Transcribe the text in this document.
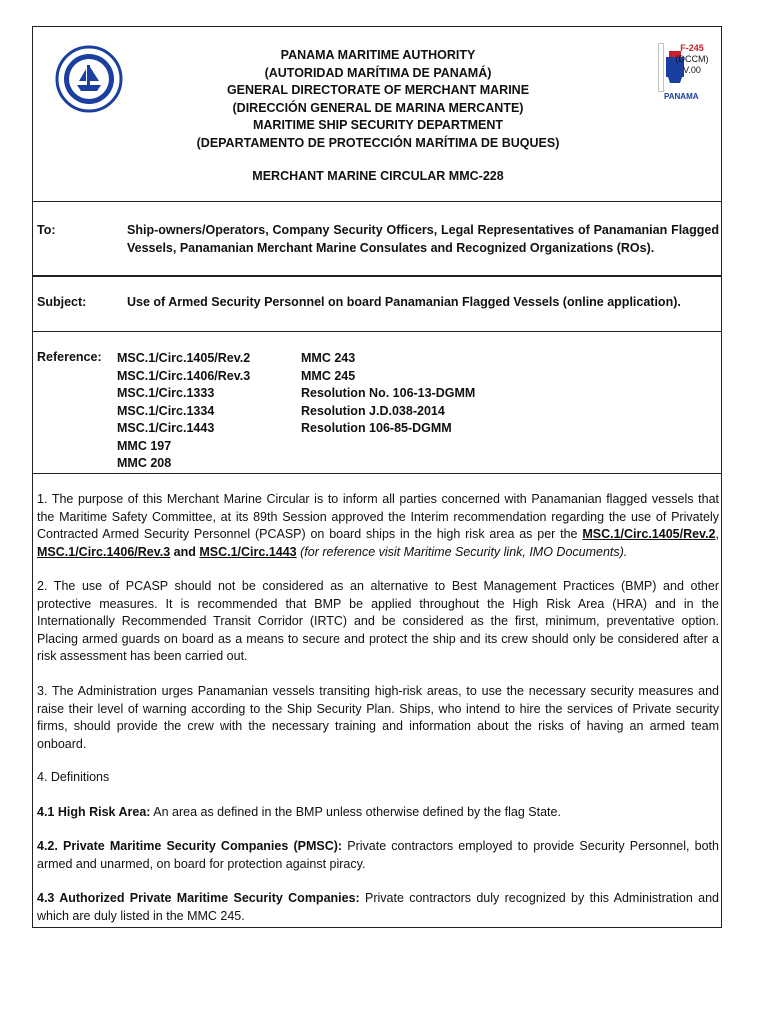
PANAMA MARITIME AUTHORITY
(AUTORIDAD MARÍTIMA DE PANAMÁ)
GENERAL DIRECTORATE OF MERCHANT MARINE
(DIRECCIÓN GENERAL DE MARINA MERCANTE)
MARITIME SHIP SECURITY DEPARTMENT
(DEPARTAMENTO DE PROTECCIÓN MARÍTIMA DE BUQUES)
F-245
(DCCM)
V.00
PANAMA
MERCHANT MARINE CIRCULAR MMC-228
To:	Ship-owners/Operators, Company Security Officers, Legal Representatives of Panamanian Flagged Vessels, Panamanian Merchant Marine Consulates and Recognized Organizations (ROs).
Subject:	Use of Armed Security Personnel on board Panamanian Flagged Vessels (online application).
Reference: MSC.1/Circ.1405/Rev.2
MSC.1/Circ.1406/Rev.3
MSC.1/Circ.1333
MSC.1/Circ.1334
MSC.1/Circ.1443
MMC 197
MMC 208
MMC 243
MMC 245
Resolution No. 106-13-DGMM
Resolution J.D.038-2014
Resolution 106-85-DGMM
1. The purpose of this Merchant Marine Circular is to inform all parties concerned with Panamanian flagged vessels that the Maritime Safety Committee, at its 89th Session approved the Interim recommendation regarding the use of Privately Contracted Armed Security Personnel (PCASP) on board ships in the high risk area as per the MSC.1/Circ.1405/Rev.2, MSC.1/Circ.1406/Rev.3 and MSC.1/Circ.1443 (for reference visit Maritime Security link, IMO Documents).
2. The use of PCASP should not be considered as an alternative to Best Management Practices (BMP) and other protective measures. It is recommended that BMP be applied throughout the High Risk Area (HRA) and in the Internationally Recommended Transit Corridor (IRTC) and be considered as the first, minimum, preventative option. Placing armed guards on board as a means to secure and protect the ship and its crew should only be considered after a risk assessment has been carried out.
3. The Administration urges Panamanian vessels transiting high-risk areas, to use the necessary security measures and raise their level of warning according to the Ship Security Plan. Ships, who intend to hire the services of Private security firms, should provide the crew with the necessary training and information about the risks of having an armed team onboard.
4. Definitions
4.1 High Risk Area: An area as defined in the BMP unless otherwise defined by the flag State.
4.2. Private Maritime Security Companies (PMSC): Private contractors employed to provide Security Personnel, both armed and unarmed, on board for protection against piracy.
4.3 Authorized Private Maritime Security Companies: Private contractors duly recognized by this Administration and which are duly listed in the MMC 245.
